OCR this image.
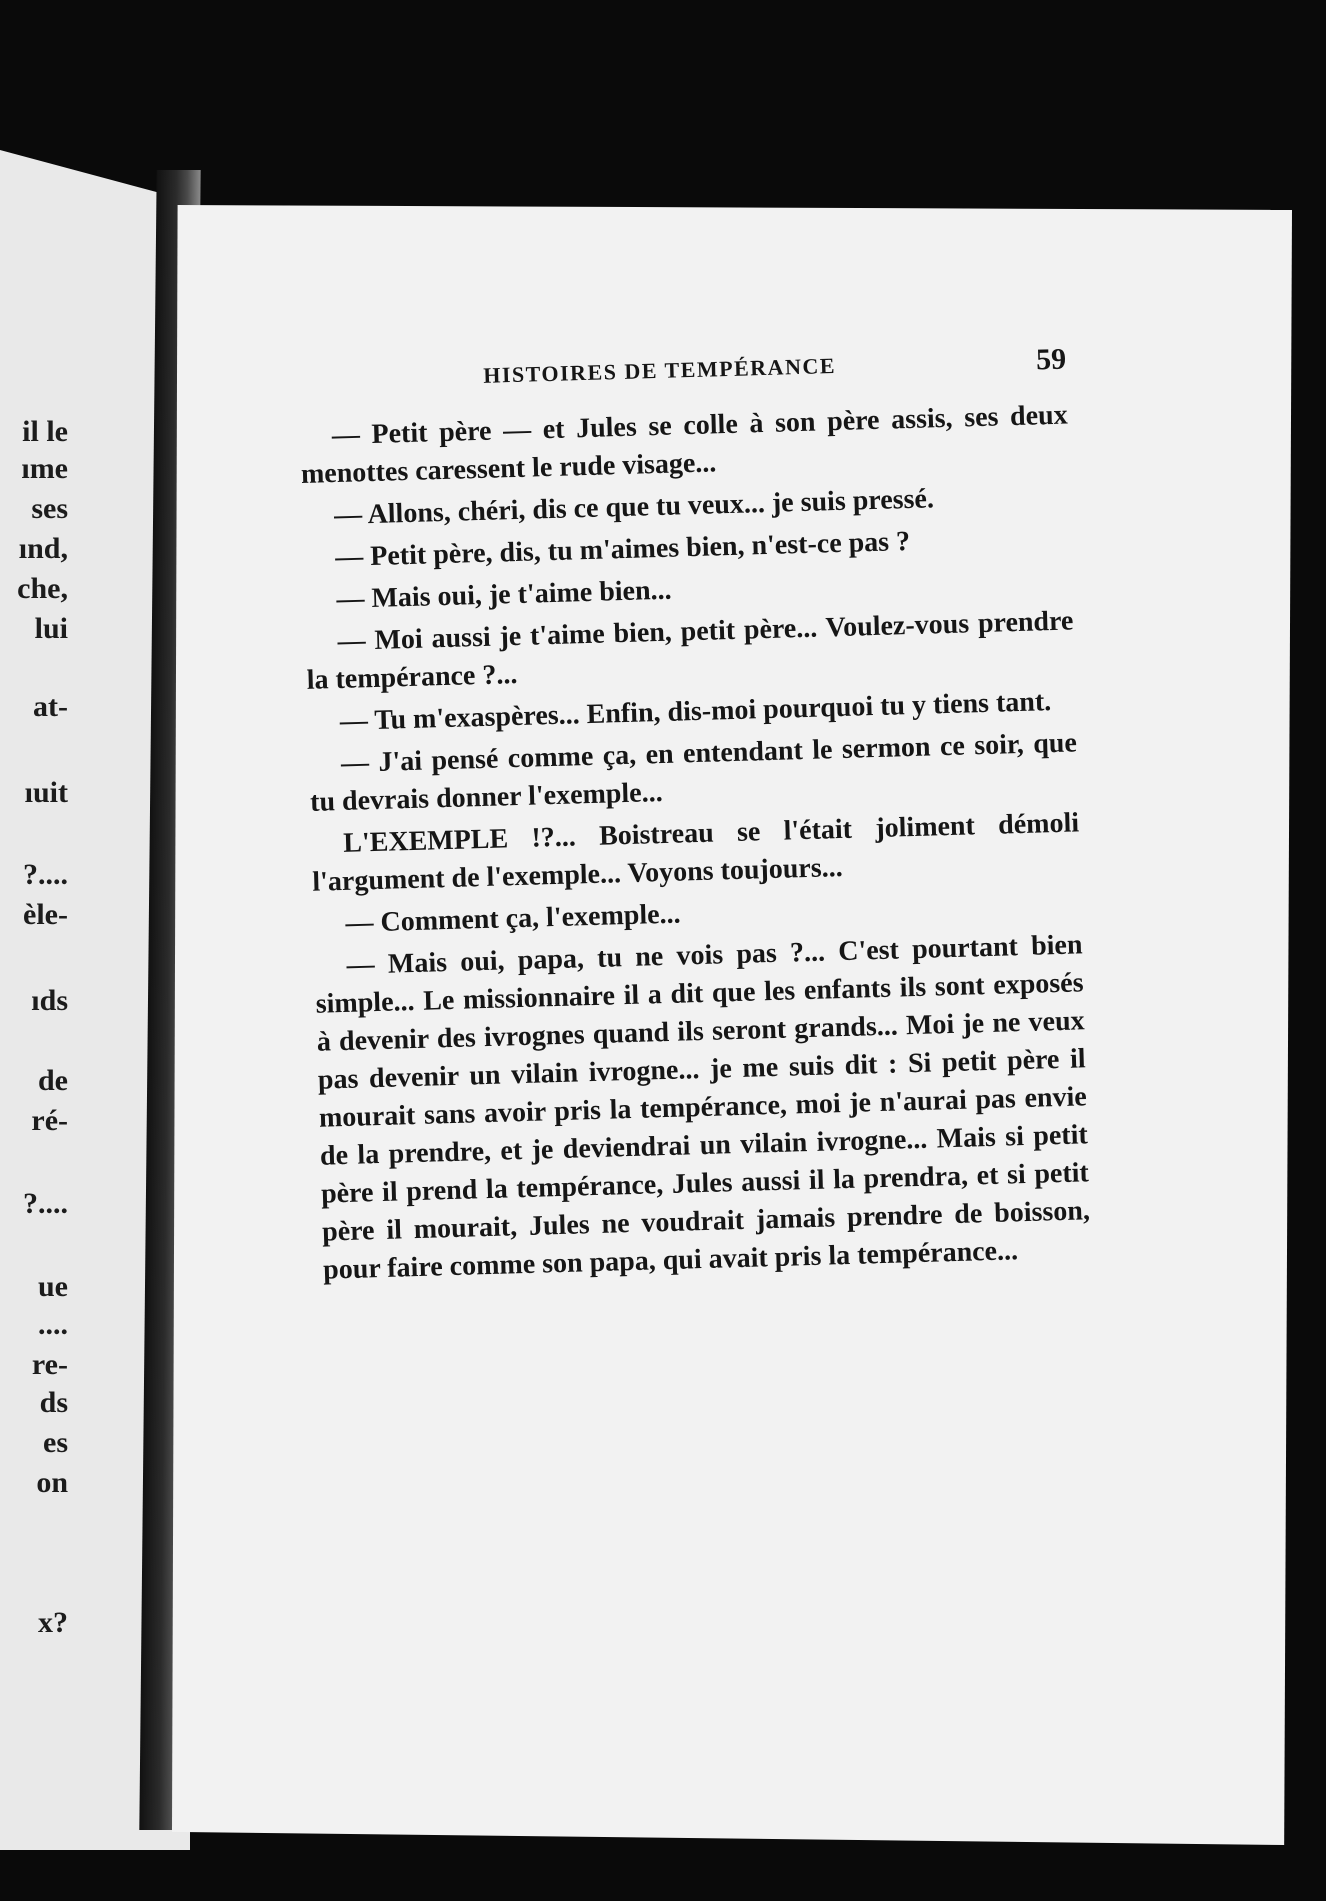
il le
ıme
ses
ınd,
che,
lui
at-
ıuit
?....
èle-
ıds
de
ré-
?....
ue
....
re-
ds
es
on
x?
HISTOIRES DE TEMPÉRANCE	59

— Petit père — et Jules se colle à son père assis, ses deux menottes caressent le rude visage...

— Allons, chéri, dis ce que tu veux... je suis pressé.

— Petit père, dis, tu m'aimes bien, n'est-ce pas ?

— Mais oui, je t'aime bien...

— Moi aussi je t'aime bien, petit père... Voulez-vous prendre la tempérance ?...

— Tu m'exaspères... Enfin, dis-moi pourquoi tu y tiens tant.

— J'ai pensé comme ça, en entendant le sermon ce soir, que tu devrais donner l'exemple...

L'EXEMPLE !?... Boistreau se l'était joliment démoli l'argument de l'exemple... Voyons toujours...

— Comment ça, l'exemple...

— Mais oui, papa, tu ne vois pas ?... C'est pourtant bien simple... Le missionnaire il a dit que les enfants ils sont exposés à devenir des ivrognes quand ils seront grands... Moi je ne veux pas devenir un vilain ivrogne... je me suis dit : Si petit père il mourait sans avoir pris la tempérance, moi je n'aurai pas envie de la prendre, et je deviendrai un vilain ivrogne... Mais si petit père il prend la tempérance, Jules aussi il la prendra, et si petit père il mourait, Jules ne voudrait jamais prendre de boisson, pour faire comme son papa, qui avait pris la tempérance...
